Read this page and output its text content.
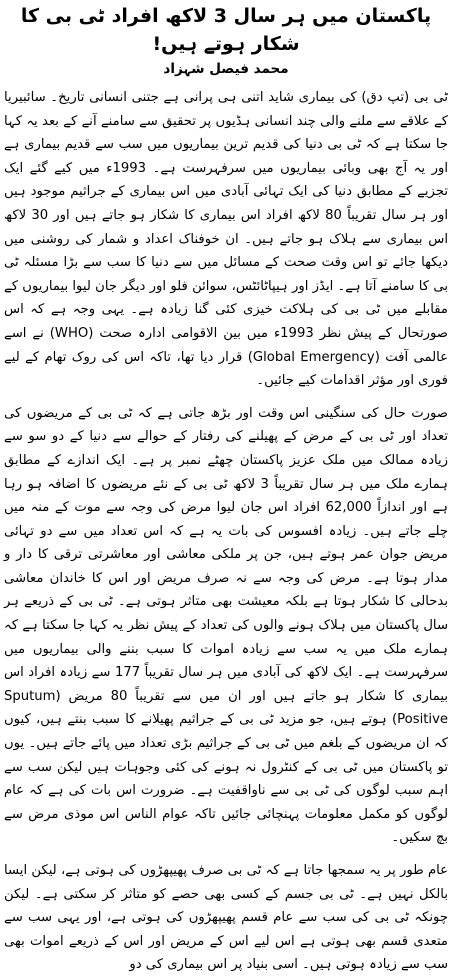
پاکستان میں ہر سال 3 لاکھ افراد ٹی بی کا شکار ہوتے ہیں!
محمد فیصل شہزاد

ٹی بی (تپ دق) کی بیماری شاید اتنی ہی پرانی ہے جتنی انسانی تاریخ۔ سائبیریا کے علاقے سے ملنے والی چند انسانی ہڈیوں پر تحقیق سے سامنے آنے کے بعد یہ کہا جا سکتا ہے کہ ٹی بی دنیا کی قدیم ترین بیماریوں میں سب سے قدیم بیماری ہے اور یہ آج بھی وبائی بیماریوں میں سرفہرست ہے۔ 1993ء میں کیے گئے ایک تجزیے کے مطابق دنیا کی ایک تہائی آبادی میں اس بیماری کے جراثیم موجود ہیں اور ہر سال تقریباً 80 لاکھ افراد اس بیماری کا شکار ہو جاتے ہیں اور 30 لاکھ اس بیماری سے ہلاک ہو جاتے ہیں۔ ان خوفناک اعداد و شمار کی روشنی میں دیکھا جائے تو اس وقت صحت کے مسائل میں سے دنیا کا سب سے بڑا مسئلہ ٹی بی کا سامنے آتا ہے۔ ایڈز اور ہیپاٹائٹس، سوائن فلو اور دیگر جان لیوا بیماریوں کے مقابلے میں ٹی بی کی ہلاکت خیزی کئی گنا زیادہ ہے۔ یہی وجہ ہے کہ اس صورتحال کے پیش نظر 1993ء میں بین الاقوامی ادارہ صحت (WHO) نے اسے عالمی آفت (Global Emergency) قرار دیا تھا، تاکہ اس کی روک تھام کے لیے فوری اور مؤثر اقدامات کیے جائیں۔

صورت حال کی سنگینی اس وقت اور بڑھ جاتی ہے کہ ٹی بی کے مریضوں کی تعداد اور ٹی بی کے مرض کے پھیلنے کی رفتار کے حوالے سے دنیا کے دو سو سے زیادہ ممالک میں ملک عزیز پاکستان چھٹے نمبر پر ہے۔ ایک اندازے کے مطابق ہمارے ملک میں ہر سال تقریباً 3 لاکھ ٹی بی کے نئے مریضوں کا اضافہ ہو رہا ہے اور اندازاً 62,000 افراد اس جان لیوا مرض کی وجہ سے موت کے منہ میں چلے جاتے ہیں۔ زیادہ افسوس کی بات یہ ہے کہ اس تعداد میں سے دو تہائی مریض جوان عمر ہوتے ہیں، جن پر ملکی معاشی اور معاشرتی ترقی کا دار و مدار ہوتا ہے۔ مرض کی وجہ سے نہ صرف مریض اور اس کا خاندان معاشی بدحالی کا شکار ہوتا ہے بلکہ معیشت بھی متاثر ہوتی ہے۔ ٹی بی کے ذریعے ہر سال پاکستان میں ہلاک ہونے والوں کی تعداد کے پیش نظر یہ کہا جا سکتا ہے کہ ہمارے ملک میں یہ سب سے زیادہ اموات کا سبب بننے والی بیماریوں میں سرفہرست ہے۔ ایک لاکھ کی آبادی میں ہر سال تقریباً 177 سے زیادہ افراد اس بیماری کا شکار ہو جاتے ہیں اور ان میں سے تقریباً 80 مریض (Sputum Positive) ہوتے ہیں، جو مزید ٹی بی کے جراثیم پھیلانے کا سبب بنتے ہیں، کیوں کہ ان مریضوں کے بلغم میں ٹی بی کے جراثیم بڑی تعداد میں پائے جاتے ہیں۔ یوں تو پاکستان میں ٹی بی کے کنٹرول نہ ہونے کی کئی وجوہات ہیں لیکن سب سے اہم سبب لوگوں کی ٹی بی سے ناواقفیت ہے۔ ضرورت اس بات کی ہے کہ عام لوگوں کو مکمل معلومات پہنچائی جائیں تاکہ عوام الناس اس موذی مرض سے بچ سکیں۔

عام طور پر یہ سمجھا جاتا ہے کہ ٹی بی صرف پھیپھڑوں کی ہوتی ہے، لیکن ایسا بالکل نہیں ہے۔ ٹی بی جسم کے کسی بھی حصے کو متاثر کر سکتی ہے۔ لیکن چونکہ ٹی بی کی سب سے عام قسم پھیپھڑوں کی ہوتی ہے، اور یہی سب سے متعدی قسم بھی ہوتی ہے اس لیے اس کے مریض اور اس کے ذریعے اموات بھی سب سے زیادہ ہوتی ہیں۔ اسی بنیاد پر اس بیماری کی دو
